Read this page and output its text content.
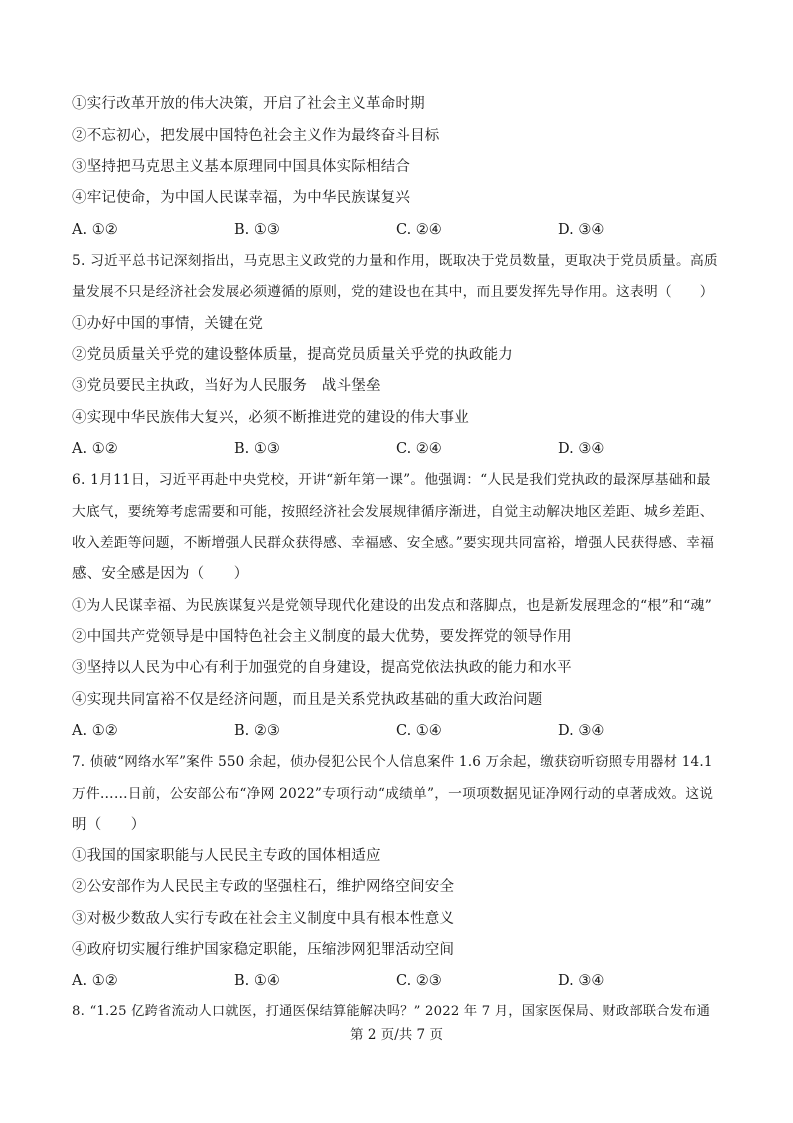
①实行改革开放的伟大决策，开启了社会主义革命时期
②不忘初心，把发展中国特色社会主义作为最终奋斗目标
③坚持把马克思主义基本原理同中国具体实际相结合
④牢记使命，为中国人民谋幸福，为中华民族谋复兴
A. ①②	B. ①③	C. ②④	D. ③④
5. 习近平总书记深刻指出，马克思主义政党的力量和作用，既取决于党员数量，更取决于党员质量。高质
量发展不只是经济社会发展必须遵循的原则，党的建设也在其中，而且要发挥先导作用。这表明（　　）
①办好中国的事情，关键在党
②党员质量关乎党的建设整体质量，提高党员质量关乎党的执政能力
③党员要民主执政，当好为人民服务　战斗堡垒
④实现中华民族伟大复兴，必须不断推进党的建设的伟大事业
A. ①②	B. ①③	C. ②④	D. ③④
6. 1月11日，习近平再赴中央党校，开讲“新年第一课”。他强调：“人民是我们党执政的最深厚基础和最
大底气，要统筹考虑需要和可能，按照经济社会发展规律循序渐进，自觉主动解决地区差距、城乡差距、
收入差距等问题，不断增强人民群众获得感、幸福感、安全感。”要实现共同富裕，增强人民获得感、幸福
感、安全感是因为（　　）
①为人民谋幸福、为民族谋复兴是党领导现代化建设的出发点和落脚点，也是新发展理念的“根”和“魂”
②中国共产党领导是中国特色社会主义制度的最大优势，要发挥党的领导作用
③坚持以人民为中心有利于加强党的自身建设，提高党依法执政的能力和水平
④实现共同富裕不仅是经济问题，而且是关系党执政基础的重大政治问题
A. ①②	B. ②③	C. ①④	D. ③④
7. 侦破“网络水军”案件 550 余起，侦办侵犯公民个人信息案件 1.6 万余起，缴获窃听窃照专用器材 14.1
万件……日前，公安部公布“净网 2022”专项行动“成绩单”，一项项数据见证净网行动的卓著成效。这说
明（　　）
①我国的国家职能与人民民主专政的国体相适应
②公安部作为人民民主专政的坚强柱石，维护网络空间安全
③对极少数敌人实行专政在社会主义制度中具有根本性意义
④政府切实履行维护国家稳定职能，压缩涉网犯罪活动空间
A. ①②	B. ①④	C. ②③	D. ③④
8. “1.25 亿跨省流动人口就医，打通医保结算能解决吗？” 2022 年 7 月，国家医保局、财政部联合发布通
第 2 页/共 7 页
